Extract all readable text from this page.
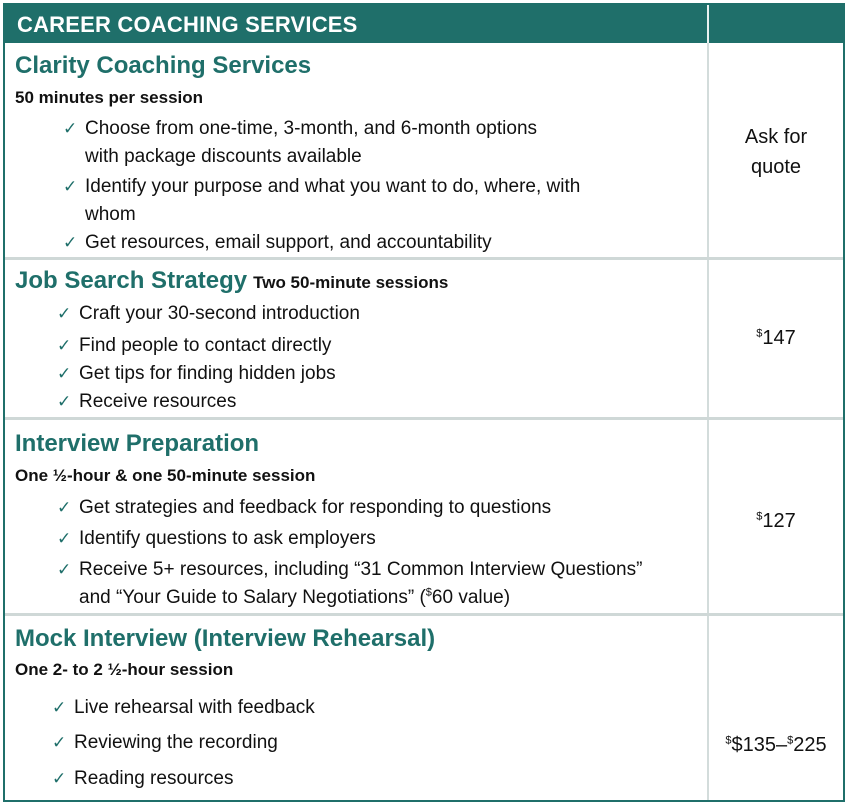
CAREER COACHING SERVICES
Clarity Coaching Services
50 minutes per session
✓ Choose from one-time, 3-month, and 6-month options
with package discounts available
✓ Identify your purpose and what you want to do, where, with
whom
✓ Get resources, email support, and accountability
Ask for
quote
Job Search Strategy Two 50-minute sessions
✓ Craft your 30-second introduction
✓ Find people to contact directly
✓ Get tips for finding hidden jobs
✓ Receive resources
$147
Interview Preparation
One ½-hour & one 50-minute session
✓ Get strategies and feedback for responding to questions
✓ Identify questions to ask employers
✓ Receive 5+ resources, including “31 Common Interview Questions”
and “Your Guide to Salary Negotiations” ($60 value)
$127
Mock Interview (Interview Rehearsal)
One 2- to 2 ½-hour session
✓ Live rehearsal with feedback
✓ Reviewing the recording
✓ Reading resources
$$135–$225
